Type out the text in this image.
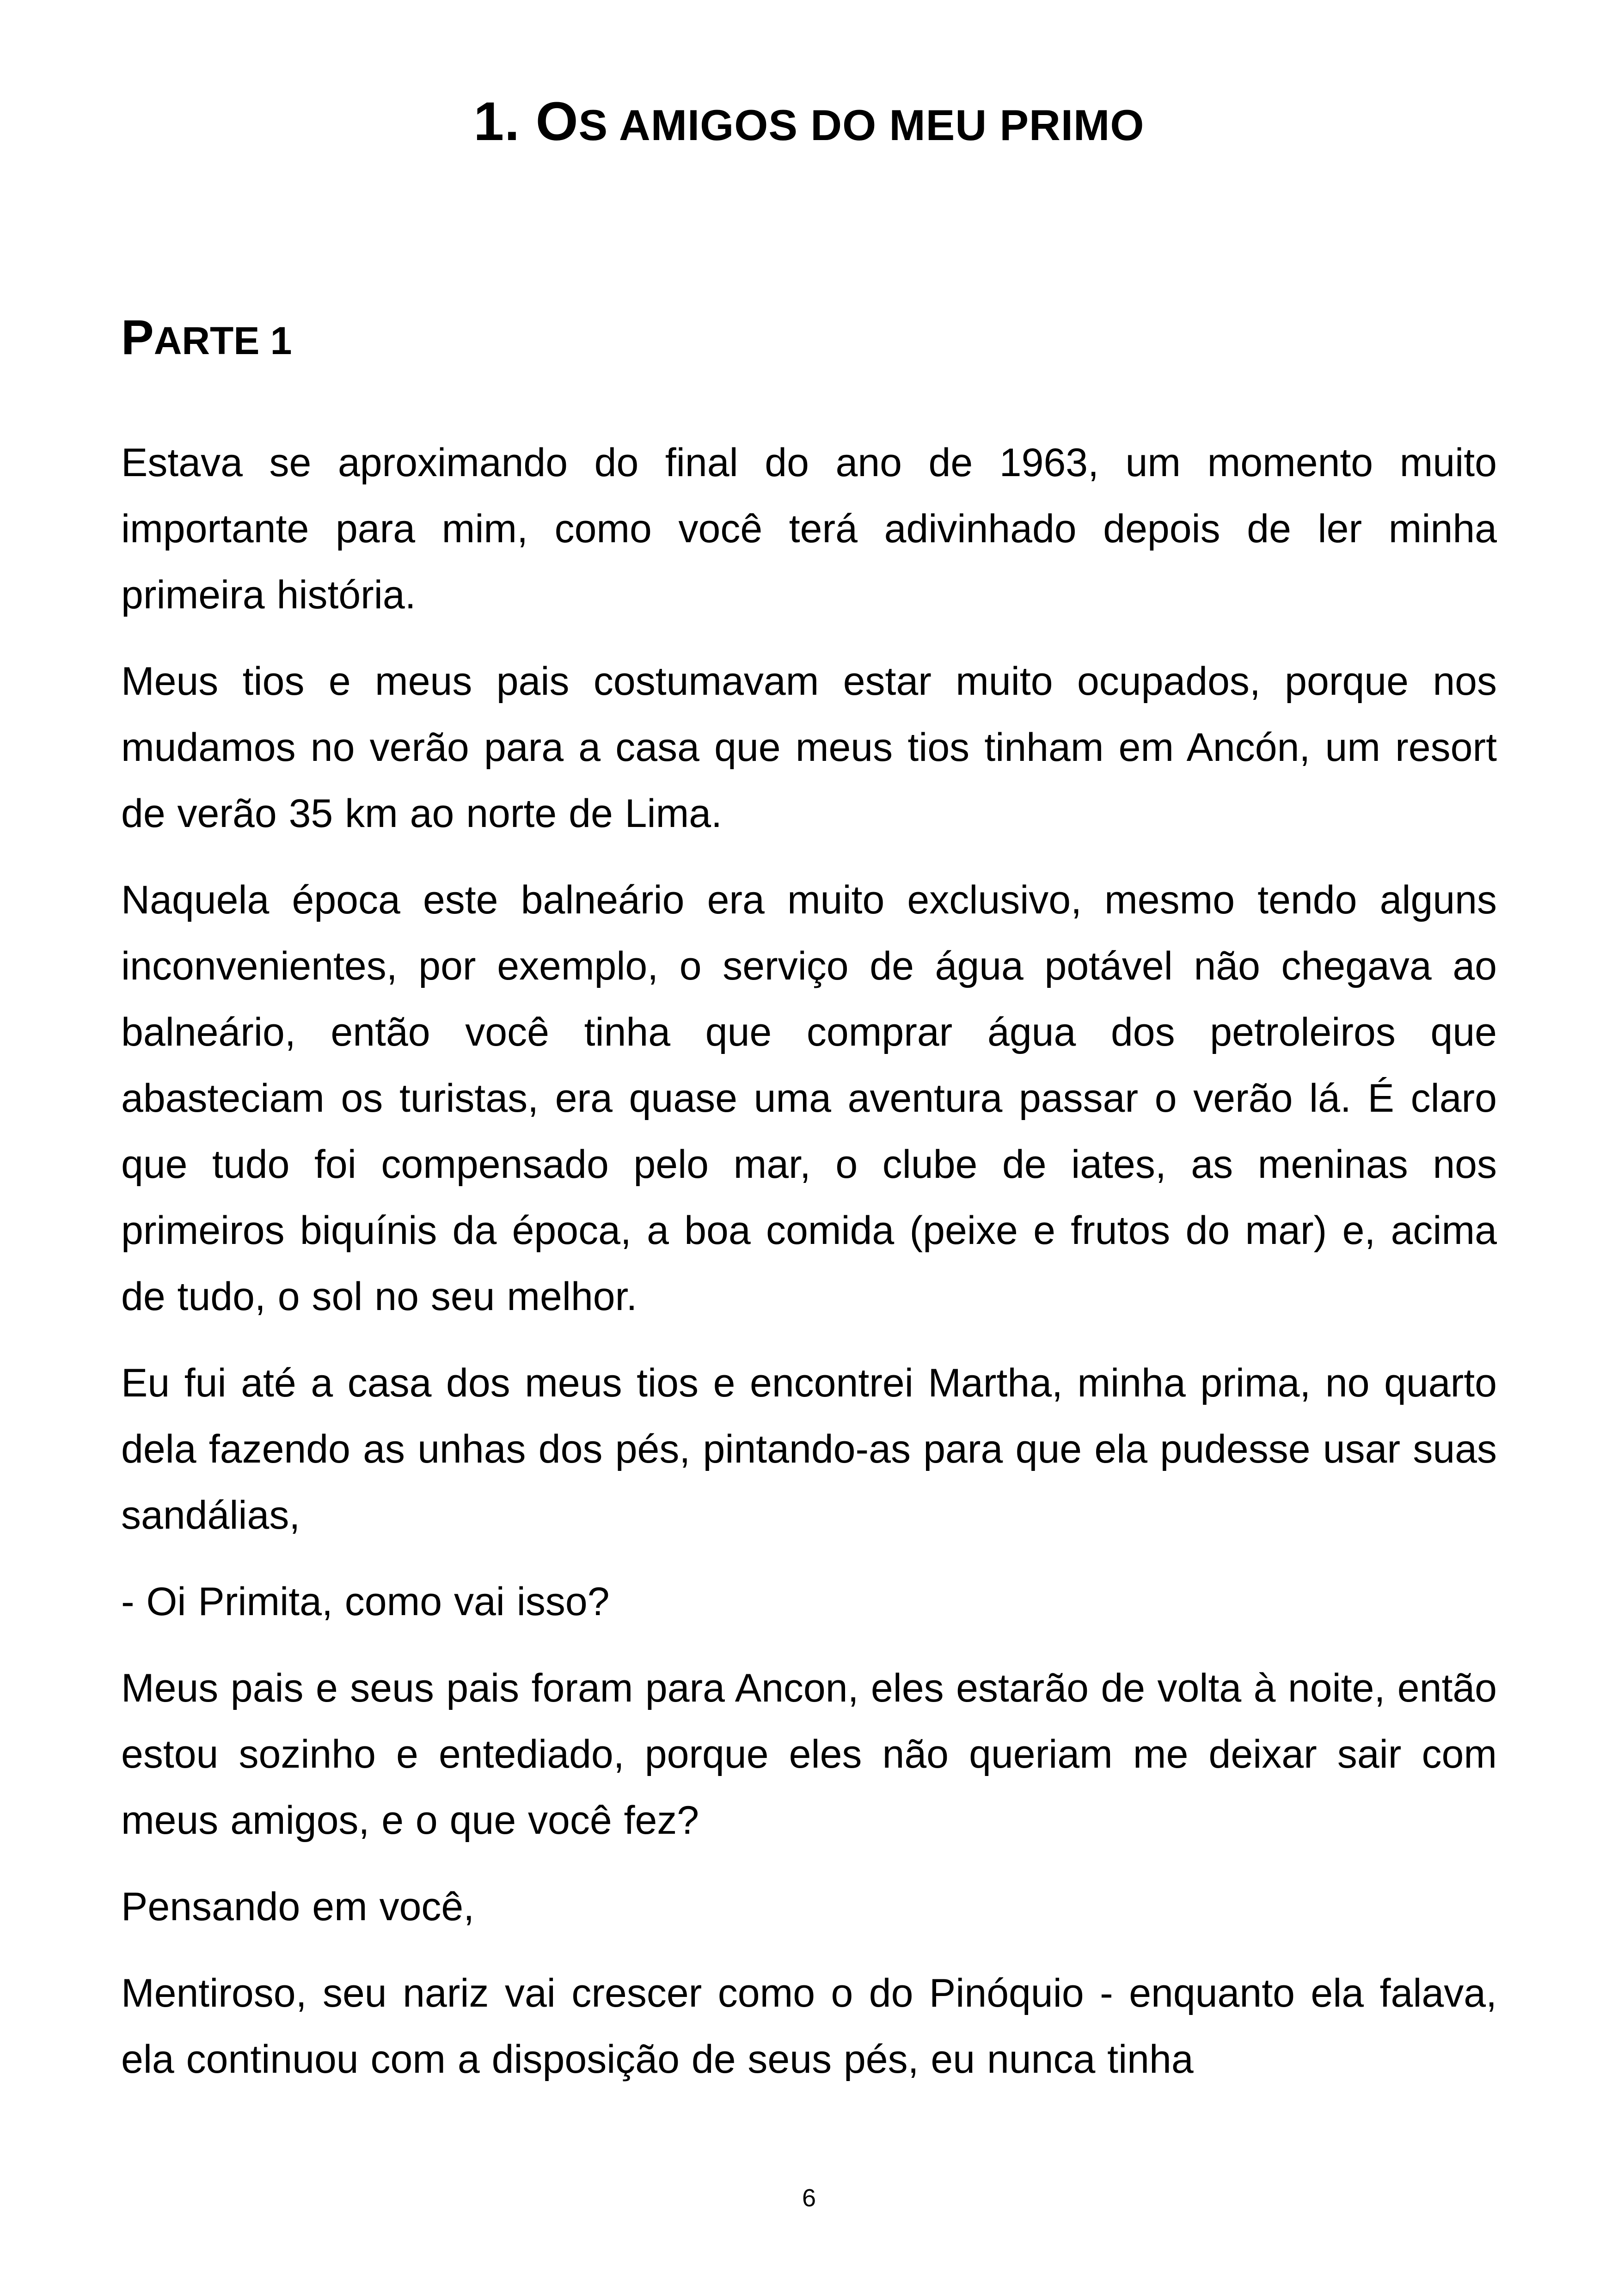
1. OS AMIGOS DO MEU PRIMO
PARTE 1

Estava se aproximando do final do ano de 1963, um momento muito importante para mim, como você terá adivinhado depois de ler minha primeira história.

Meus tios e meus pais costumavam estar muito ocupados, porque nos mudamos no verão para a casa que meus tios tinham em Ancón, um resort de verão 35 km ao norte de Lima.

Naquela época este balneário era muito exclusivo, mesmo tendo alguns inconvenientes, por exemplo, o serviço de água potável não chegava ao balneário, então você tinha que comprar água dos petroleiros que abasteciam os turistas, era quase uma aventura passar o verão lá. É claro que tudo foi compensado pelo mar, o clube de iates, as meninas nos primeiros biquínis da época, a boa comida (peixe e frutos do mar) e, acima de tudo, o sol no seu melhor.

Eu fui até a casa dos meus tios e encontrei Martha, minha prima, no quarto dela fazendo as unhas dos pés, pintando-as para que ela pudesse usar suas sandálias,

- Oi Primita, como vai isso?

Meus pais e seus pais foram para Ancon, eles estarão de volta à noite, então estou sozinho e entediado, porque eles não queriam me deixar sair com meus amigos, e o que você fez?

Pensando em você,

Mentiroso, seu nariz vai crescer como o do Pinóquio - enquanto ela falava, ela continuou com a disposição de seus pés, eu nunca tinha

6
